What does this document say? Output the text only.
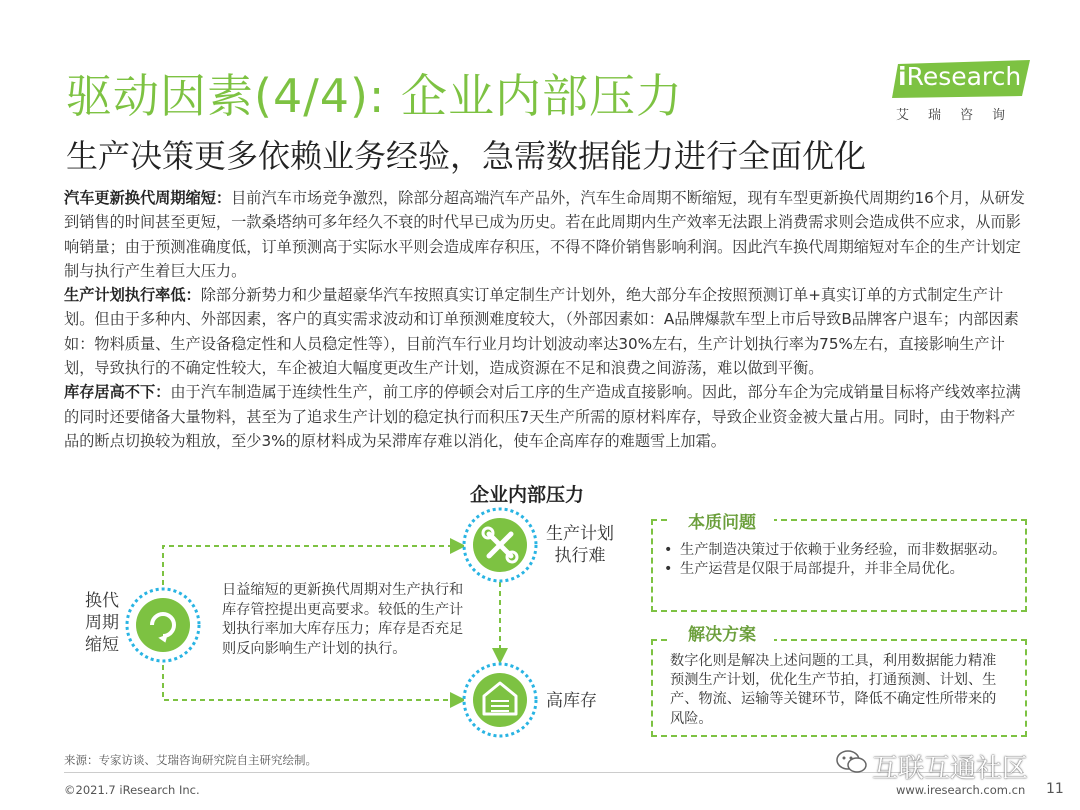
驱动因素(4/4): 企业内部压力
生产决策更多依赖业务经验，急需数据能力进行全面优化
iResearch
艾瑞咨询

汽车更新换代周期缩短：目前汽车市场竞争激烈，除部分超高端汽车产品外，汽车生命周期不断缩短，现有车型更新换代周期约16个月，从研发到销售的时间甚至更短，一款桑塔纳可多年经久不衰的时代早已成为历史。若在此周期内生产效率无法跟上消费需求则会造成供不应求，从而影响销量；由于预测准确度低，订单预测高于实际水平则会造成库存积压，不得不降价销售影响利润。因此汽车换代周期缩短对车企的生产计划定制与执行产生着巨大压力。

生产计划执行率低：除部分新势力和少量超豪华汽车按照真实订单定制生产计划外，绝大部分车企按照预测订单+真实订单的方式制定生产计划。但由于多种内、外部因素，客户的真实需求波动和订单预测难度较大，（外部因素如：A品牌爆款车型上市后导致B品牌客户退车；内部因素如：物料质量、生产设备稳定性和人员稳定性等），目前汽车行业月均计划波动率达30%左右，生产计划执行率为75%左右，直接影响生产计划，导致执行的不确定性较大，车企被迫大幅度更改生产计划，造成资源在不足和浪费之间游荡，难以做到平衡。

库存居高不下：由于汽车制造属于连续性生产，前工序的停顿会对后工序的生产造成直接影响。因此，部分车企为完成销量目标将产线效率拉满的同时还要储备大量物料，甚至为了追求生产计划的稳定执行而积压7天生产所需的原材料库存，导致企业资金被大量占用。同时，由于物料产品的断点切换较为粗放，至少3%的原材料成为呆滞库存难以消化，使车企高库存的难题雪上加霜。

企业内部压力
换代周期缩短
生产计划执行难
高库存
日益缩短的更新换代周期对生产执行和库存管控提出更高要求。较低的生产计划执行率加大库存压力；库存是否充足则反向影响生产计划的执行。
本质问题
• 生产制造决策过于依赖于业务经验，而非数据驱动。
• 生产运营是仅限于局部提升，并非全局优化。
解决方案
数字化则是解决上述问题的工具，利用数据能力精准预测生产计划，优化生产节拍，打通预测、计划、生产、物流、运输等关键环节，降低不确定性所带来的风险。
来源：专家访谈、艾瑞咨询研究院自主研究绘制。
©2021.7 iResearch Inc.	www.iresearch.com.cn 11
互联互通社区
